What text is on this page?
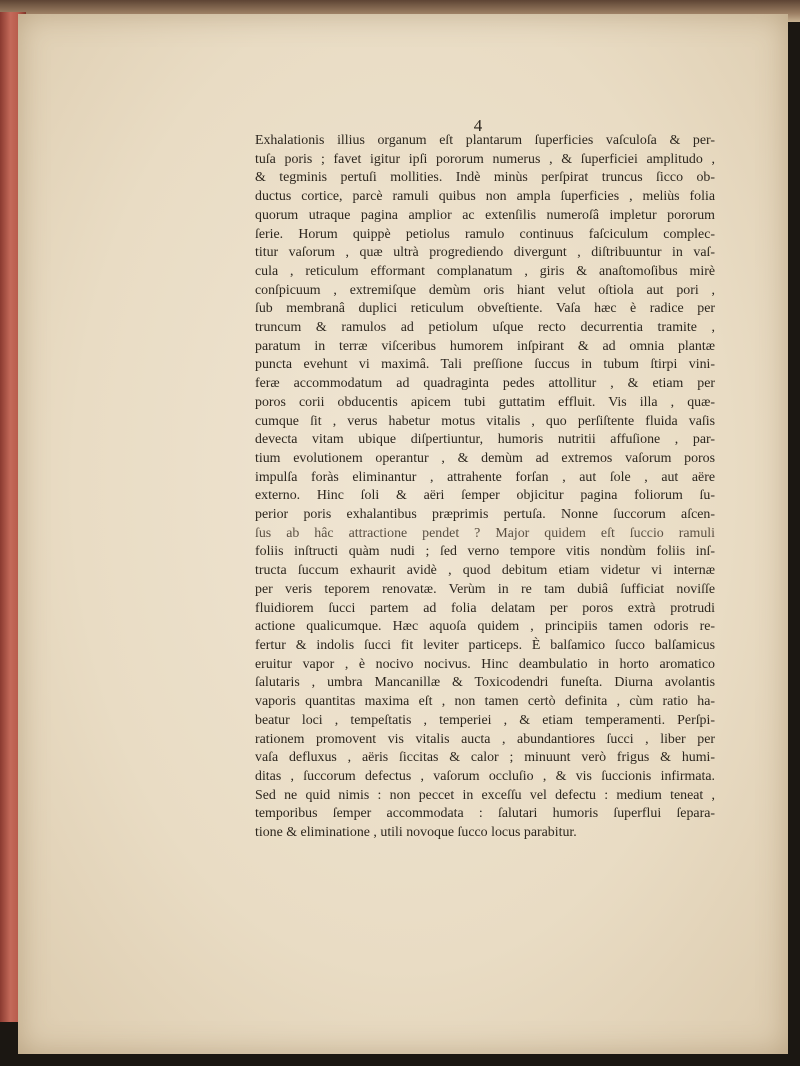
4
Exhalationis illius organum eſt plantarum ſuperficies vaſculoſa & per-
tuſa poris ; favet igitur ipſi pororum numerus , & ſuperficiei amplitudo ,
& tegminis pertuſi mollities. Indè minùs perſpirat truncus ſicco ob-
ductus cortice, parcè ramuli quibus non ampla ſuperficies , meliùs folia
quorum utraque pagina amplior ac extenſilis numeroſâ impletur pororum
ſerie. Horum quippè petiolus ramulo continuus faſciculum complec-
titur vaſorum , quæ ultrà progrediendo divergunt , diſtribuuntur in vaſ-
cula , reticulum efformant complanatum , giris & anaſtomoſibus mirè
conſpicuum , extremiſque demùm oris hiant velut oſtiola aut pori ,
ſub membranâ duplici reticulum obveſtiente. Vaſa hæc è radice per
truncum & ramulos ad petiolum uſque recto decurrentia tramite ,
paratum in terræ viſceribus humorem inſpirant & ad omnia plantæ
puncta evehunt vi maximâ. Tali preſſione ſuccus in tubum ſtirpi vini-
feræ accommodatum ad quadraginta pedes attollitur , & etiam per
poros corii obducentis apicem tubi guttatim effluit. Vis illa , quæ-
cumque ſit , verus habetur motus vitalis , quo perſiſtente fluida vaſis
devecta vitam ubique diſpertiuntur, humoris nutritii affuſione , par-
tium evolutionem operantur , & demùm ad extremos vaſorum poros
impulſa foràs eliminantur , attrahente forſan , aut ſole , aut aëre
externo. Hinc ſoli & aëri ſemper objicitur pagina foliorum ſu-
perior poris exhalantibus præprimis pertuſa. Nonne ſuccorum aſcen-
ſus ab hâc attractione pendet ? Major quidem eſt ſuccio ramuli
foliis inſtructi quàm nudi ; ſed verno tempore vitis nondùm foliis inſ-
tructa ſuccum exhaurit avidè , quod debitum etiam videtur vi internæ
per veris teporem renovatæ. Verùm in re tam dubiâ ſufficiat noviſſe
fluidiorem ſucci partem ad folia delatam per poros extrà protrudi
actione qualicumque. Hæc aquoſa quidem , principiis tamen odoris re-
fertur & indolis ſucci fit leviter particeps. È balſamico ſucco balſamicus
eruitur vapor , è nocivo nocivus. Hinc deambulatio in horto aromatico
ſalutaris , umbra Mancanillæ & Toxicodendri funeſta. Diurna avolantis
vaporis quantitas maxima eſt , non tamen certò definita , cùm ratio ha-
beatur loci , tempeſtatis , temperiei , & etiam temperamenti. Perſpi-
rationem promovent vis vitalis aucta , abundantiores ſucci , liber per
vaſa defluxus , aëris ſiccitas & calor ; minuunt verò frigus & humi-
ditas , ſuccorum defectus , vaſorum occluſio , & vis ſuccionis infirmata.
Sed ne quid nimis : non peccet in exceſſu vel defectu : medium teneat ,
temporibus ſemper accommodata : ſalutari humoris ſuperflui ſepara-
tione & eliminatione , utili novoque ſucco locus parabitur.
